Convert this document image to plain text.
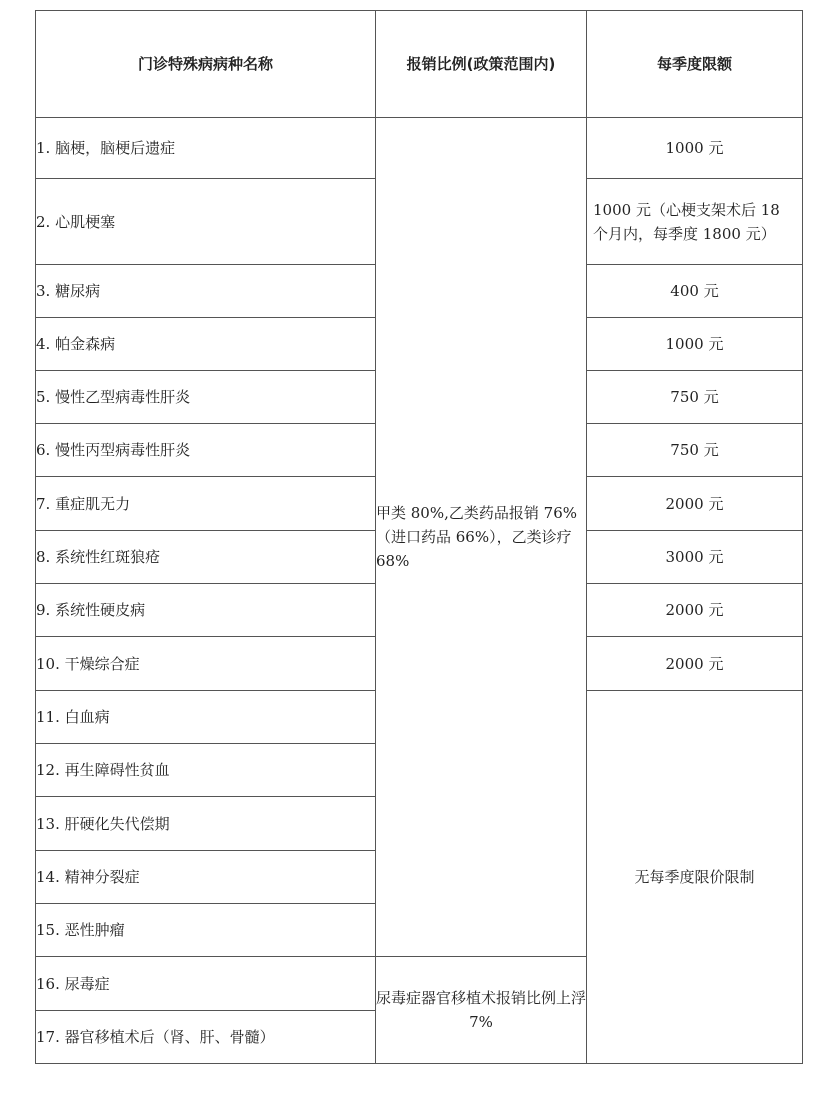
门诊特殊病病种名称	报销比例(政策范围内)	每季度限额
1. 脑梗，脑梗后遗症	甲类 80%,乙类药品报销 76%（进口药品 66%），乙类诊疗 68%	1000 元
2. 心肌梗塞		1000 元（心梗支架术后 18 个月内，每季度 1800 元）
3. 糖尿病		400 元
4. 帕金森病		1000 元
5. 慢性乙型病毒性肝炎		750 元
6. 慢性丙型病毒性肝炎		750 元
7. 重症肌无力		2000 元
8. 系统性红斑狼疮		3000 元
9. 系统性硬皮病		2000 元
10. 干燥综合症		2000 元
11. 白血病		无每季度限价限制
12. 再生障碍性贫血		
13. 肝硬化失代偿期		
14. 精神分裂症		
15. 恶性肿瘤		
16. 尿毒症	尿毒症器官移植术报销比例上浮 7%	
17. 器官移植术后（肾、肝、骨髓）		
